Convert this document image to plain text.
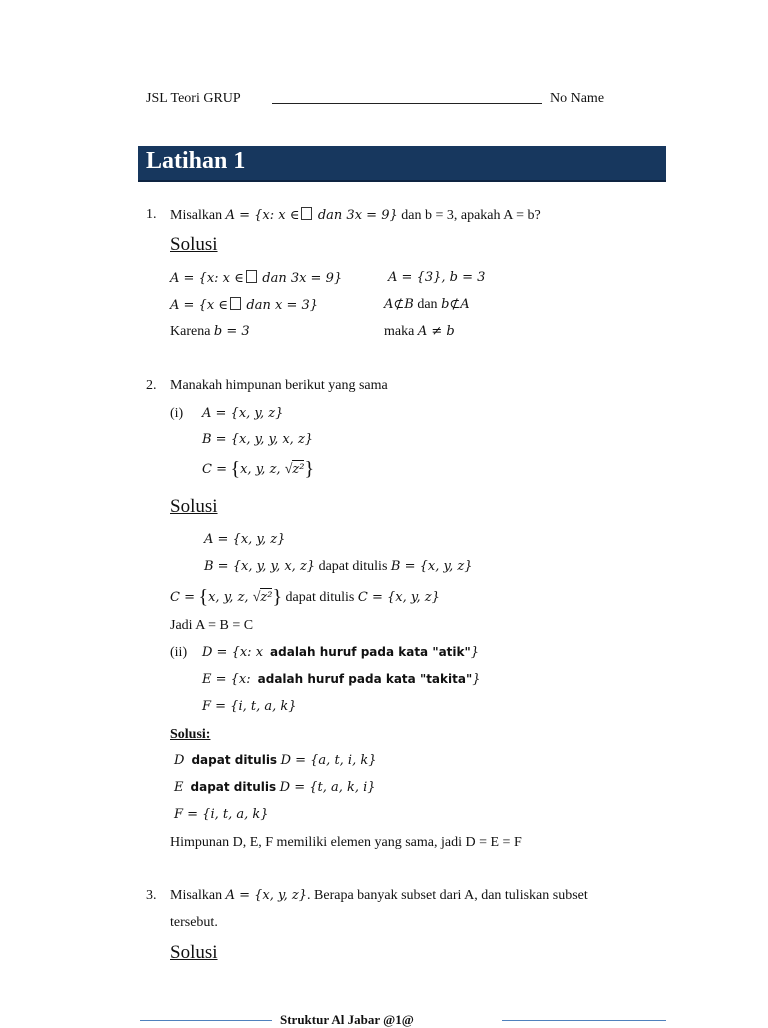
JSL Teori GRUP	No Name
Latihan 1
1. Misalkan A = {x: x ∈ dan 3x = 9} dan b = 3, apakah A = b?
Solusi
A = {x: x ∈ dan 3x = 9}	A = {3}, b = 3
A = {x ∈ dan x = 3}	A⊄B dan b⊄A
Karena b = 3	maka A ≠ b
2. Manakah himpunan berikut yang sama
(i) A = {x, y, z}
B = {x, y, y, x, z}
C = {x, y, z, √z²}
Solusi
A = {x, y, z}
B = {x, y, y, x, z} dapat ditulis B = {x, y, z}
C = {x, y, z, √z²} dapat ditulis C = {x, y, z}
Jadi A = B = C
(ii) D = {x: x adalah huruf pada kata "atik"}
E = {x: adalah huruf pada kata "takita"}
F = {i, t, a, k}
Solusi:
D dapat ditulis D = {a, t, i, k}
E dapat ditulis D = {t, a, k, i}
F = {i, t, a, k}
Himpunan D, E, F memiliki elemen yang sama, jadi D = E = F
3. Misalkan A = {x, y, z}. Berapa banyak subset dari A, dan tuliskan subset
tersebut.
Solusi
Struktur Al Jabar @1@
